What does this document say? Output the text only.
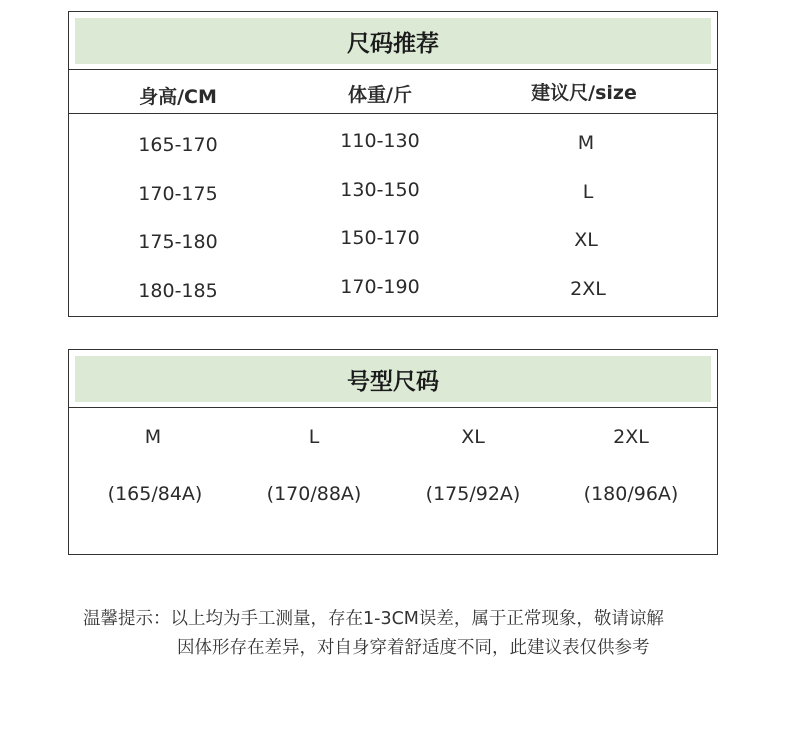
尺码推荐
身高/CM	体重/斤	建议尺/size
165-170	110-130	M
170-175	130-150	L
175-180	150-170	XL
180-185	170-190	2XL
号型尺码
M	L	XL	2XL
(165/84A)	(170/88A)	(175/92A)	(180/96A)
温馨提示：以上均为手工测量，存在1-3CM误差，属于正常现象，敬请谅解
因体形存在差异，对自身穿着舒适度不同，此建议表仅供参考
